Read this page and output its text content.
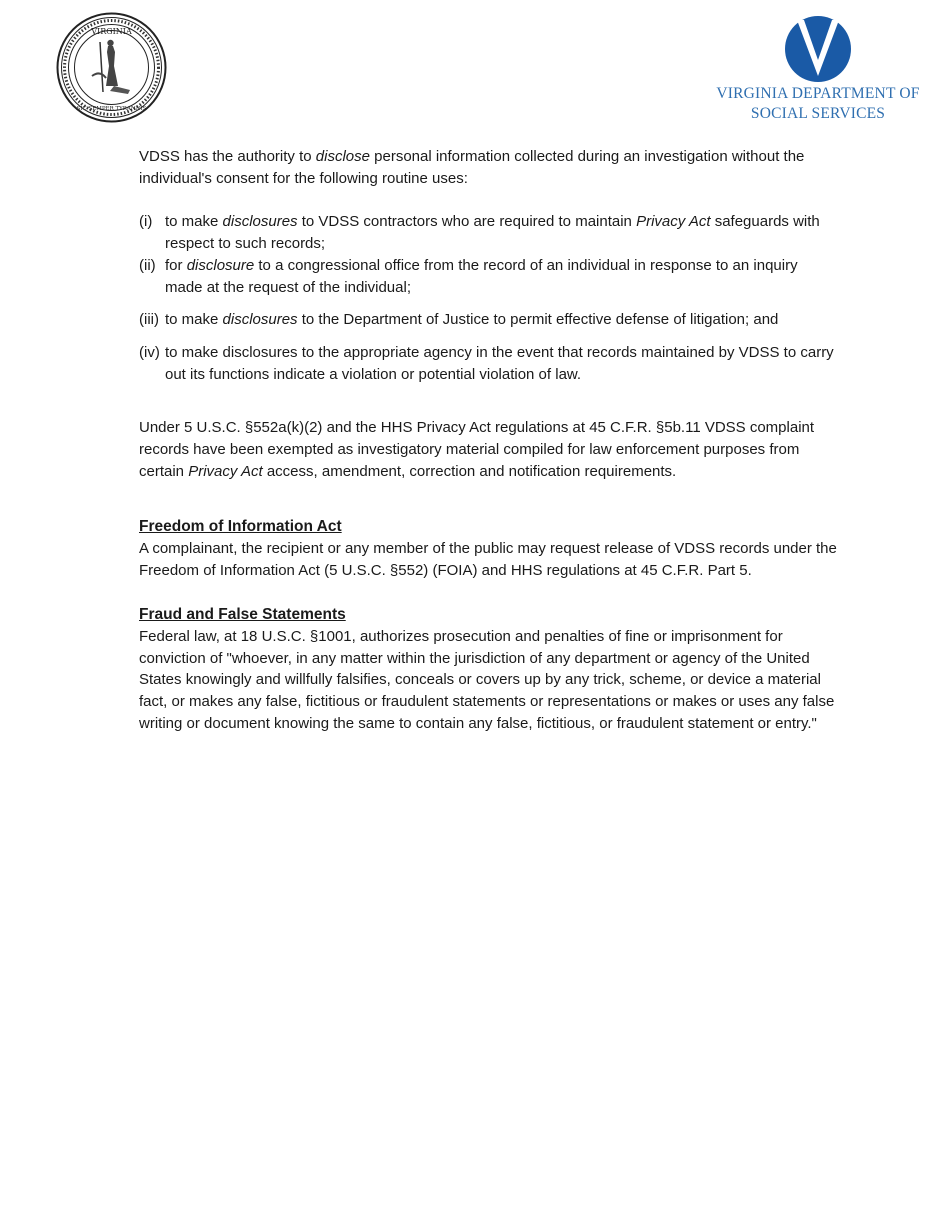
VIRGINIA
SIC SEMPER TYRANNIS
VIRGINIA DEPARTMENT OF
SOCIAL SERVICES

VDSS has the authority to disclose personal information collected during an investigation without the individual's consent for the following routine uses:

(i) to make disclosures to VDSS contractors who are required to maintain Privacy Act safeguards with respect to such records;
(ii) for disclosure to a congressional office from the record of an individual in response to an inquiry made at the request of the individual;
(iii) to make disclosures to the Department of Justice to permit effective defense of litigation; and
(iv) to make disclosures to the appropriate agency in the event that records maintained by VDSS to carry out its functions indicate a violation or potential violation of law.

Under 5 U.S.C. §552a(k)(2) and the HHS Privacy Act regulations at 45 C.F.R. §5b.11 VDSS complaint records have been exempted as investigatory material compiled for law enforcement purposes from certain Privacy Act access, amendment, correction and notification requirements.

Freedom of Information Act

A complainant, the recipient or any member of the public may request release of VDSS records under the Freedom of Information Act (5 U.S.C. §552) (FOIA) and HHS regulations at 45 C.F.R. Part 5.

Fraud and False Statements

Federal law, at 18 U.S.C. §1001, authorizes prosecution and penalties of fine or imprisonment for conviction of "whoever, in any matter within the jurisdiction of any department or agency of the United States knowingly and willfully falsifies, conceals or covers up by any trick, scheme, or device a material fact, or makes any false, fictitious or fraudulent statements or representations or makes or uses any false writing or document knowing the same to contain any false, fictitious, or fraudulent statement or entry."
